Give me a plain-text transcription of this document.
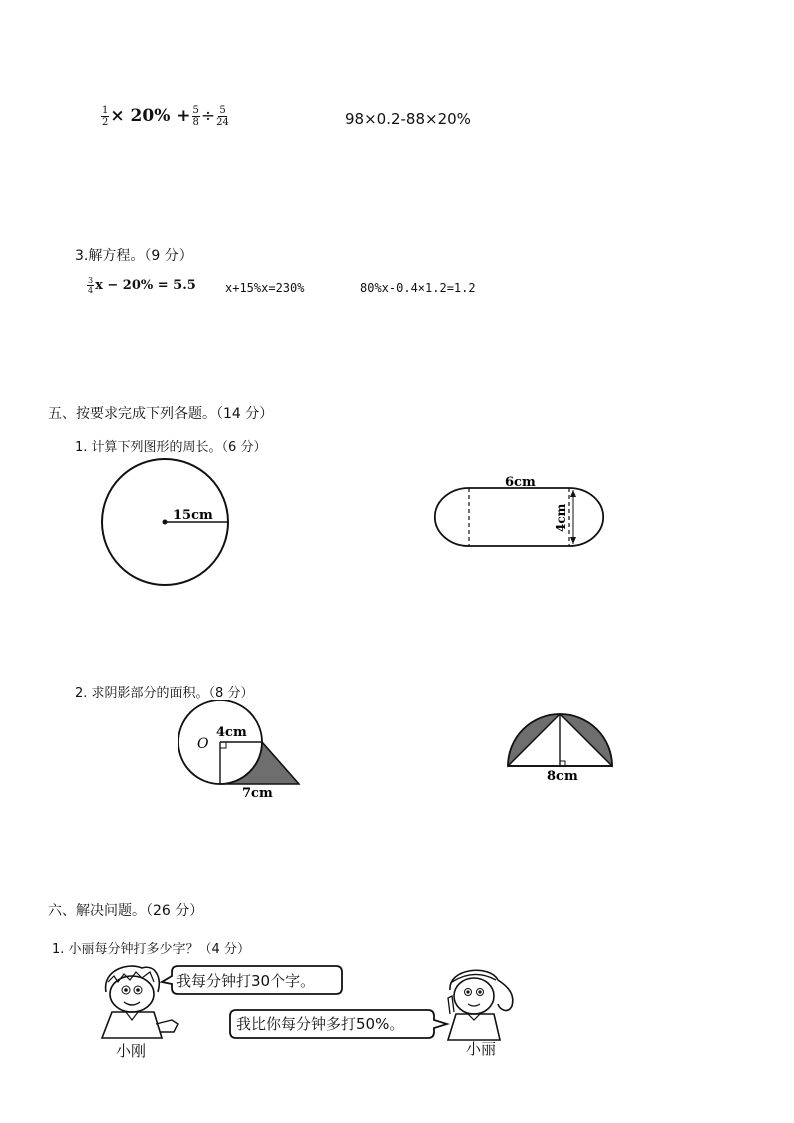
$\frac{1}{2} \times 20\% + \frac{5}{8} \div \frac{5}{24}$	98×0.2-88×20%
3.解方程。（9 分）
$\frac{3}{4}$ x − 20% = 5.5 x+15%x=230%	80%x-0.4×1.2=1.2
五、按要求完成下列各题。（14 分）
1. 计算下列图形的周长。（6 分）
15cm
6cm
4cm
2. 求阴影部分的面积。（8 分）
O
4cm
7cm
8cm
六、解决问题。（26 分）
1. 小丽每分钟打多少字？（4 分）
我每分钟打30个字。
我比你每分钟多打50%。
小刚	小丽
